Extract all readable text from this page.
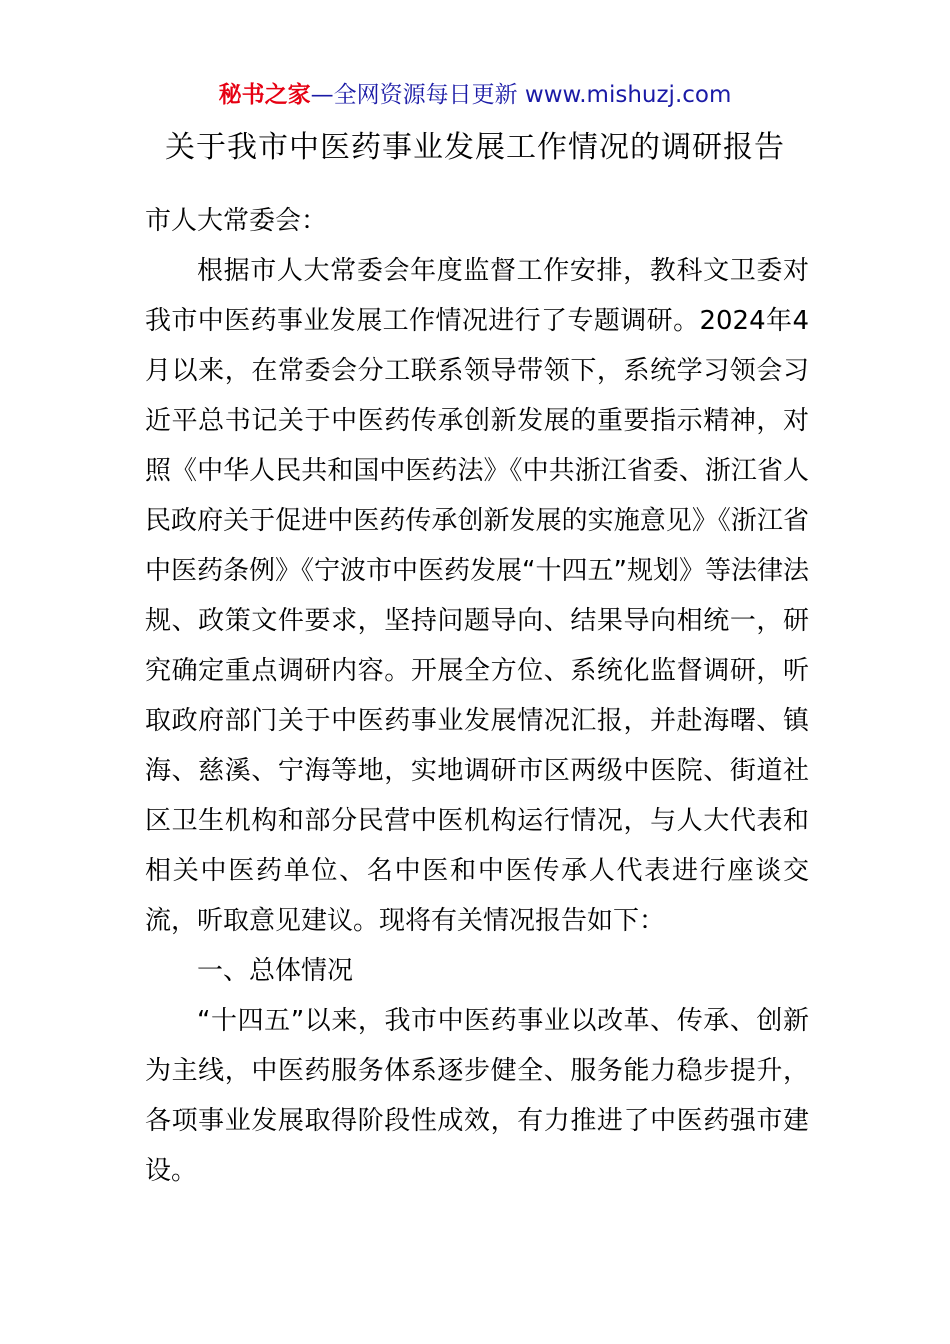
秘书之家—全网资源每日更新 www.mishuzj.com
关于我市中医药事业发展工作情况的调研报告

市人大常委会：

根据市人大常委会年度监督工作安排，教科文卫委对我市中医药事业发展工作情况进行了专题调研。2024年4月以来，在常委会分工联系领导带领下，系统学习领会习近平总书记关于中医药传承创新发展的重要指示精神，对照《中华人民共和国中医药法》《中共浙江省委、浙江省人民政府关于促进中医药传承创新发展的实施意见》《浙江省中医药条例》《宁波市中医药发展“十四五”规划》等法律法规、政策文件要求，坚持问题导向、结果导向相统一，研究确定重点调研内容。开展全方位、系统化监督调研，听取政府部门关于中医药事业发展情况汇报，并赴海曙、镇海、慈溪、宁海等地，实地调研市区两级中医院、街道社区卫生机构和部分民营中医机构运行情况，与人大代表和相关中医药单位、名中医和中医传承人代表进行座谈交流，听取意见建议。现将有关情况报告如下：

一、总体情况

“十四五”以来，我市中医药事业以改革、传承、创新为主线，中医药服务体系逐步健全、服务能力稳步提升，各项事业发展取得阶段性成效，有力推进了中医药强市建设。
